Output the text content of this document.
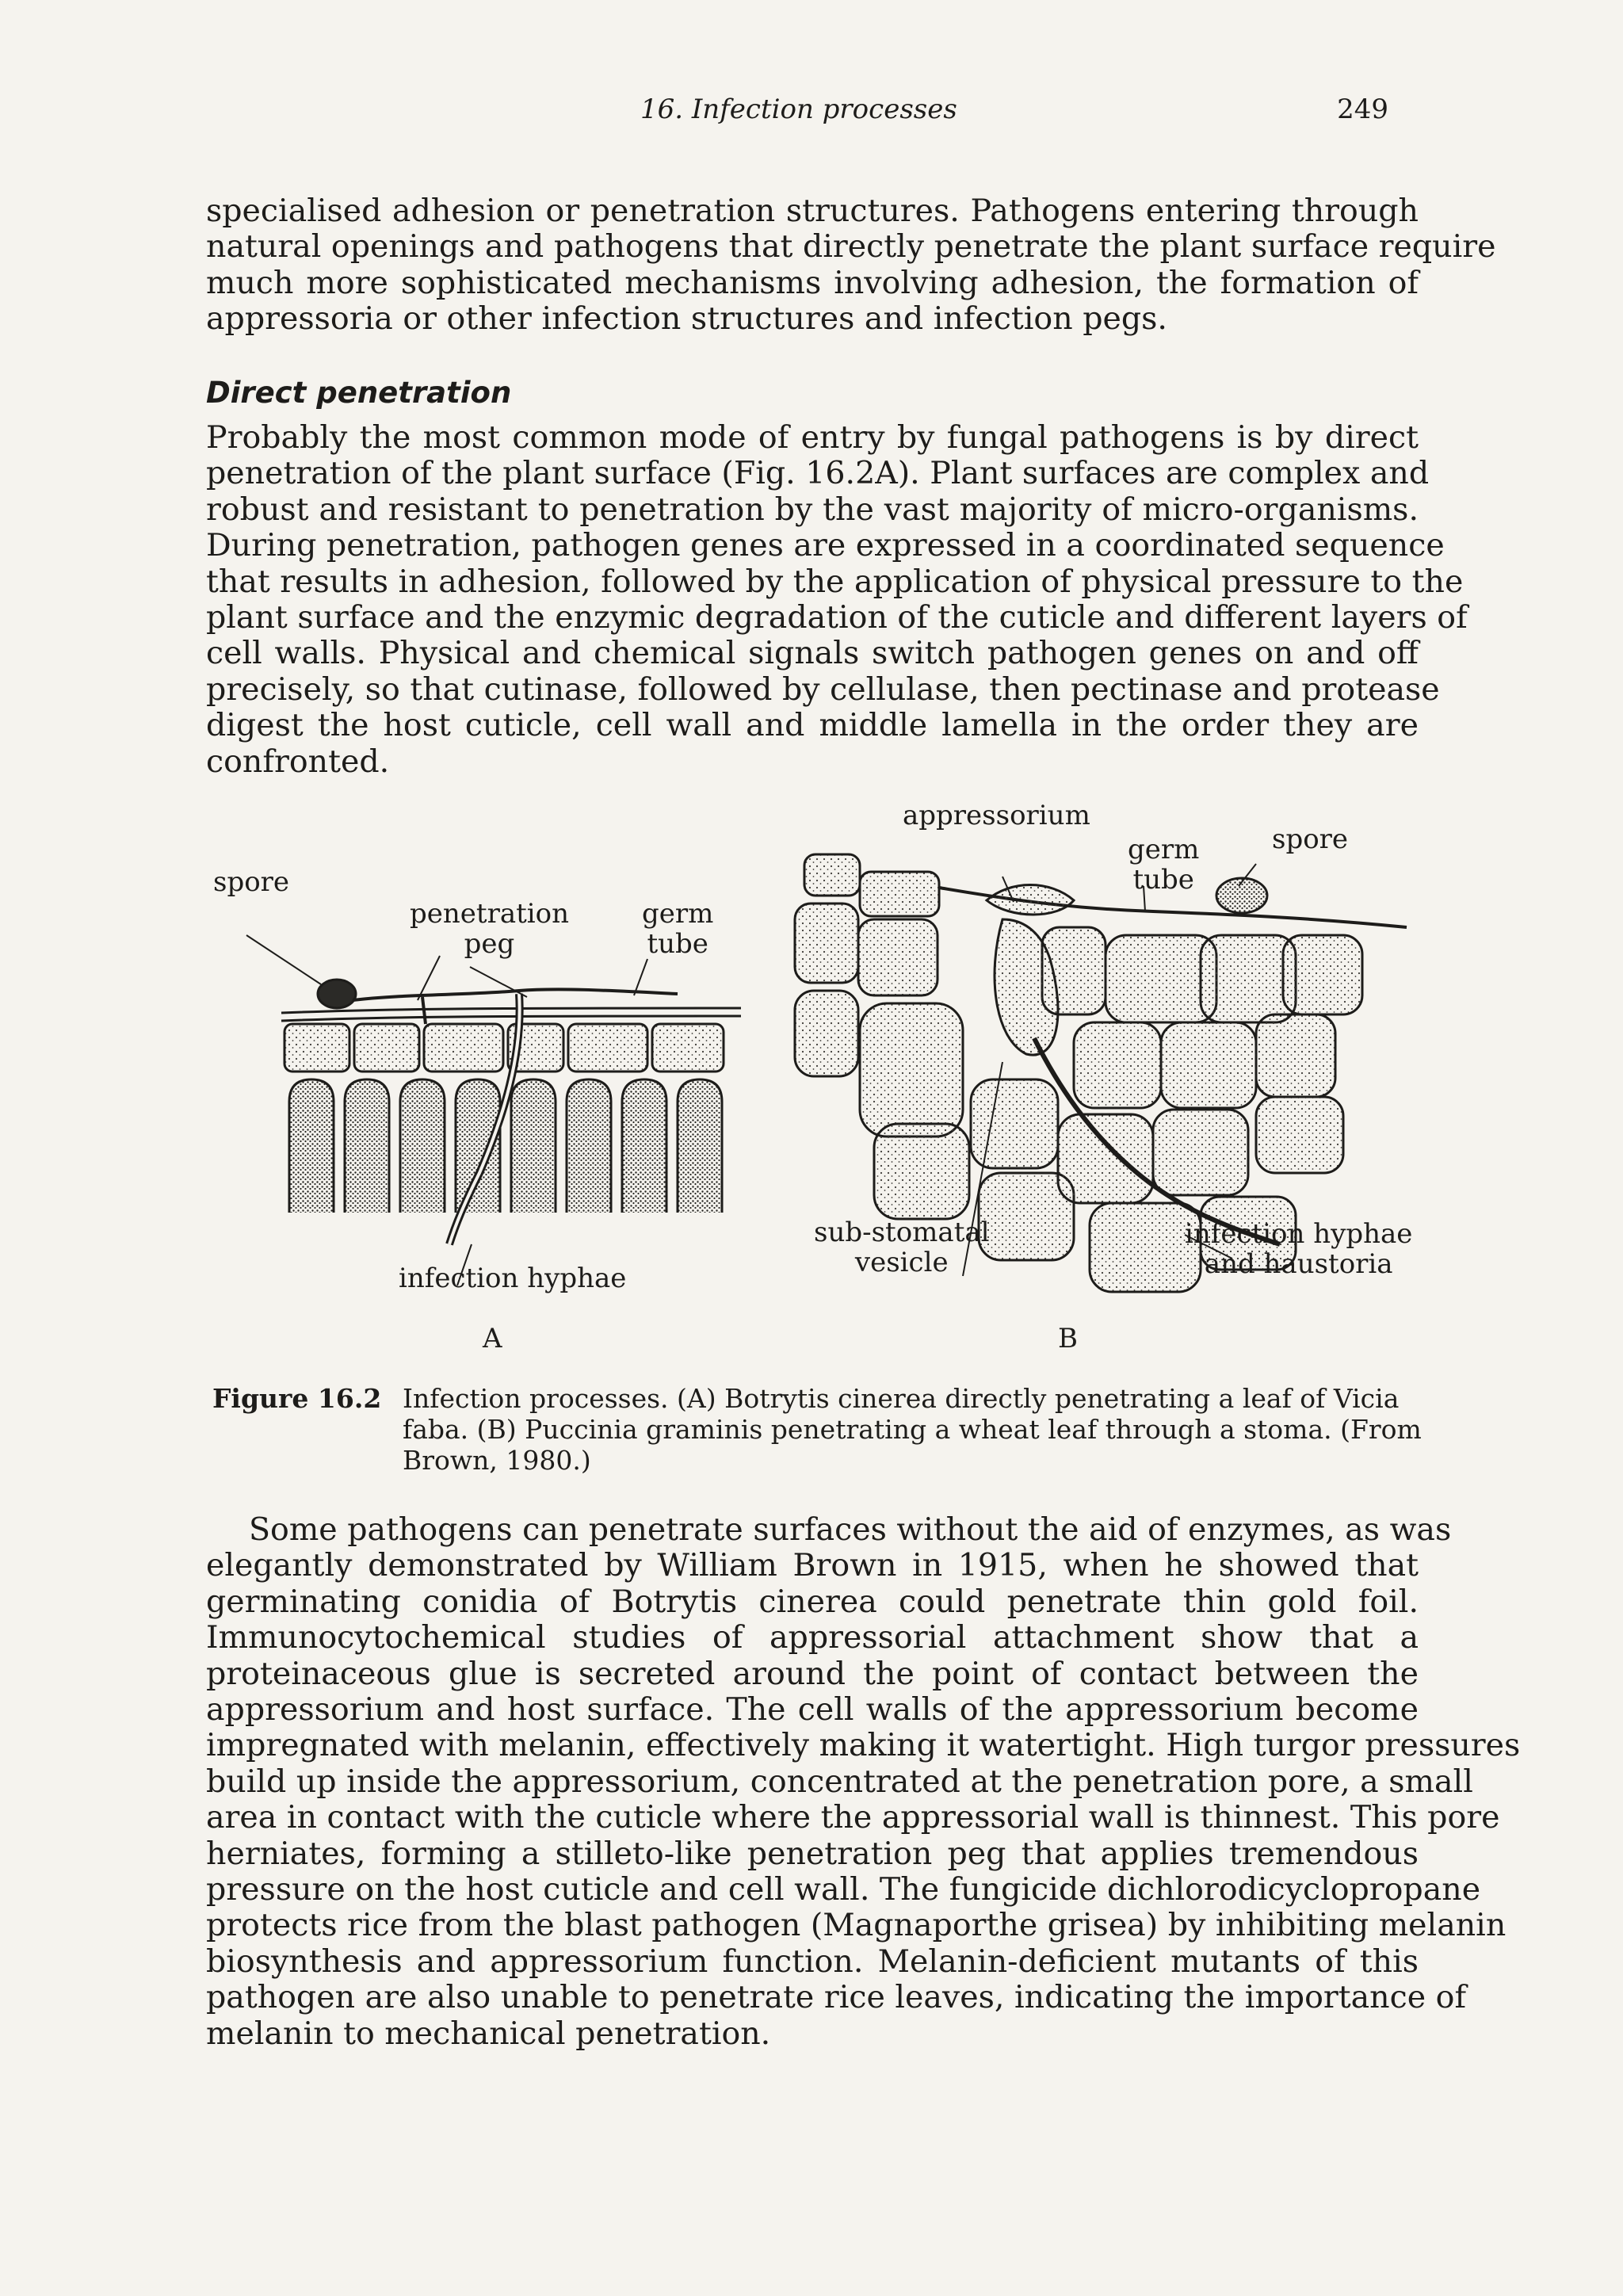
16. Infection processes	249

specialised adhesion or penetration structures. Pathogens entering through
natural openings and pathogens that directly penetrate the plant surface require
much more sophisticated mechanisms involving adhesion, the formation of
appressoria or other infection structures and infection pegs.

Direct penetration

Probably the most common mode of entry by fungal pathogens is by direct
penetration of the plant surface (Fig. 16.2A). Plant surfaces are complex and
robust and resistant to penetration by the vast majority of micro-organisms.
During penetration, pathogen genes are expressed in a coordinated sequence
that results in adhesion, followed by the application of physical pressure to the
plant surface and the enzymic degradation of the cuticle and different layers of
cell walls. Physical and chemical signals switch pathogen genes on and off
precisely, so that cutinase, followed by cellulase, then pectinase and protease
digest the host cuticle, cell wall and middle lamella in the order they are
confronted.

spore
penetration
peg
germ
tube
infection hyphae
A
appressorium
germ
tube
spore
sub-stomatal
vesicle
infection hyphae
and haustoria
B
Figure 16.2 Infection processes. (A) Botrytis cinerea directly penetrating a leaf of Vicia
faba. (B) Puccinia graminis penetrating a wheat leaf through a stoma. (From
Brown, 1980.)

Some pathogens can penetrate surfaces without the aid of enzymes, as was
elegantly demonstrated by William Brown in 1915, when he showed that
germinating conidia of Botrytis cinerea could penetrate thin gold foil.
Immunocytochemical studies of appressorial attachment show that a
proteinaceous glue is secreted around the point of contact between the
appressorium and host surface. The cell walls of the appressorium become
impregnated with melanin, effectively making it watertight. High turgor pressures
build up inside the appressorium, concentrated at the penetration pore, a small
area in contact with the cuticle where the appressorial wall is thinnest. This pore
herniates, forming a stilleto-like penetration peg that applies tremendous
pressure on the host cuticle and cell wall. The fungicide dichlorodicyclopropane
protects rice from the blast pathogen (Magnaporthe grisea) by inhibiting melanin
biosynthesis and appressorium function. Melanin-deficient mutants of this
pathogen are also unable to penetrate rice leaves, indicating the importance of
melanin to mechanical penetration.
